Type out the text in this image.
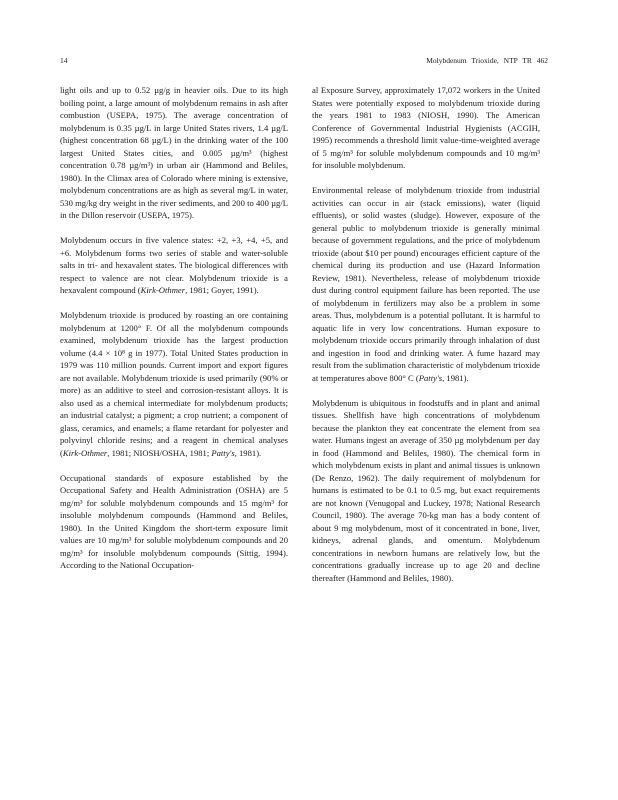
14	Molybdenum Trioxide, NTP TR 462

light oils and up to 0.52 µg/g in heavier oils. Due to its high boiling point, a large amount of molybdenum remains in ash after combustion (USEPA, 1975). The average concentration of molybdenum is 0.35 µg/L in large United States rivers, 1.4 µg/L (highest concentration 68 µg/L) in the drinking water of the 100 largest United States cities, and 0.005 µg/m³ (highest concentration 0.78 µg/m³) in urban air (Hammond and Beliles, 1980). In the Climax area of Colorado where mining is extensive, molybdenum concentrations are as high as several mg/L in water, 530 mg/kg dry weight in the river sediments, and 200 to 400 µg/L in the Dillon reservoir (USEPA, 1975).

Molybdenum occurs in five valence states: +2, +3, +4, +5, and +6. Molybdenum forms two series of stable and water-soluble salts in tri- and hexavalent states. The biological differences with respect to valence are not clear. Molybdenum trioxide is a hexavalent compound (Kirk-Othmer, 1981; Goyer, 1991).

Molybdenum trioxide is produced by roasting an ore containing molybdenum at 1200° F. Of all the molybdenum compounds examined, molybdenum trioxide has the largest production volume (4.4 × 10⁸ g in 1977). Total United States production in 1979 was 110 million pounds. Current import and export figures are not available. Molybdenum trioxide is used primarily (90% or more) as an additive to steel and corrosion-resistant alloys. It is also used as a chemical intermediate for molybdenum products; an industrial catalyst; a pigment; a crop nutrient; a component of glass, ceramics, and enamels; a flame retardant for polyester and polyvinyl chloride resins; and a reagent in chemical analyses (Kirk-Othmer, 1981; NIOSH/OSHA, 1981; Patty's, 1981).

Occupational standards of exposure established by the Occupational Safety and Health Administration (OSHA) are 5 mg/m³ for soluble molybdenum compounds and 15 mg/m³ for insoluble molybdenum compounds (Hammond and Beliles, 1980). In the United Kingdom the short-term exposure limit values are 10 mg/m³ for soluble molybdenum compounds and 20 mg/m³ for insoluble molybdenum compounds (Sittig, 1994). According to the National Occupation-

al Exposure Survey, approximately 17,072 workers in the United States were potentially exposed to molybdenum trioxide during the years 1981 to 1983 (NIOSH, 1990). The American Conference of Governmental Industrial Hygienists (ACGIH, 1995) recommends a threshold limit value-time-weighted average of 5 mg/m³ for soluble molybdenum compounds and 10 mg/m³ for insoluble molybdenum.

Environmental release of molybdenum trioxide from industrial activities can occur in air (stack emissions), water (liquid effluents), or solid wastes (sludge). However, exposure of the general public to molybdenum trioxide is generally minimal because of government regulations, and the price of molybdenum trioxide (about $10 per pound) encourages efficient capture of the chemical during its production and use (Hazard Information Review, 1981). Nevertheless, release of molybdenum trioxide dust during control equipment failure has been reported. The use of molybdenum in fertilizers may also be a problem in some areas. Thus, molybdenum is a potential pollutant. It is harmful to aquatic life in very low concentrations. Human exposure to molybdenum trioxide occurs primarily through inhalation of dust and ingestion in food and drinking water. A fume hazard may result from the sublimation characteristic of molybdenum trioxide at temperatures above 800° C (Patty's, 1981).

Molybdenum is ubiquitous in foodstuffs and in plant and animal tissues. Shellfish have high concentrations of molybdenum because the plankton they eat concentrate the element from sea water. Humans ingest an average of 350 µg molybdenum per day in food (Hammond and Beliles, 1980). The chemical form in which molybdenum exists in plant and animal tissues is unknown (De Renzo, 1962). The daily requirement of molybdenum for humans is estimated to be 0.1 to 0.5 mg, but exact requirements are not known (Venugopal and Luckey, 1978; National Research Council, 1980). The average 70-kg man has a body content of about 9 mg molybdenum, most of it concentrated in bone, liver, kidneys, adrenal glands, and omentum. Molybdenum concentrations in newborn humans are relatively low, but the concentrations gradually increase up to age 20 and decline thereafter (Hammond and Beliles, 1980).
